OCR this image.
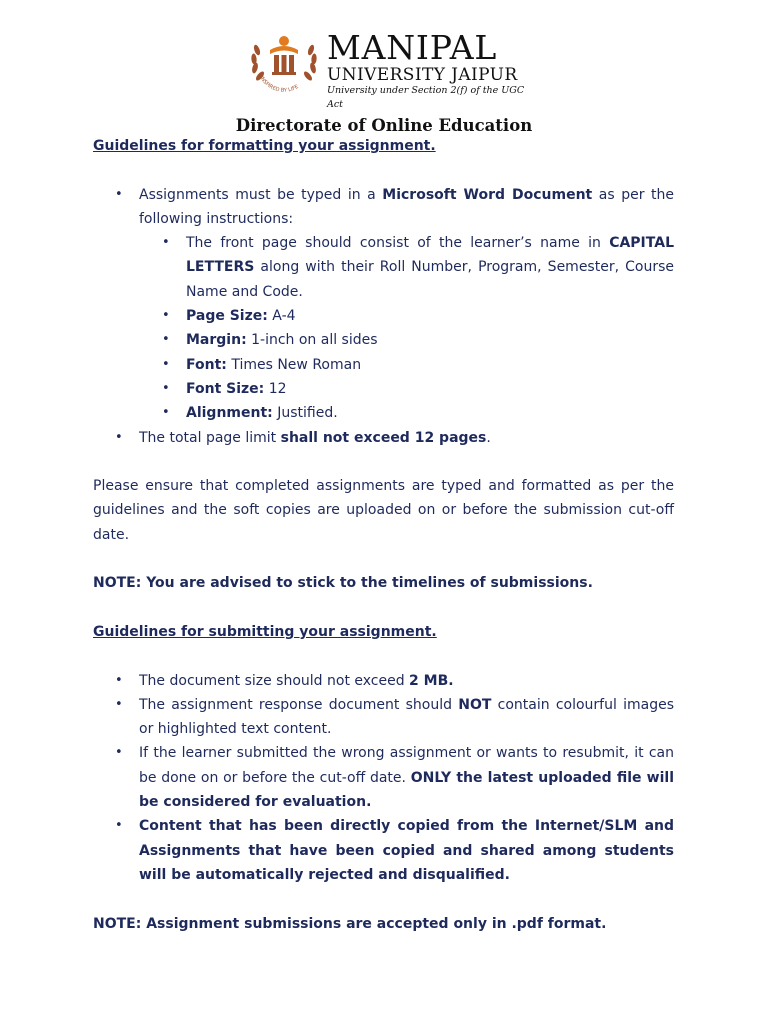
INSPIRED BY LIFE
MANIPAL
UNIVERSITY JAIPUR
University under Section 2(f) of the UGC Act
Directorate of Online Education

Guidelines for formatting your assignment.

• Assignments must be typed in a Microsoft Word Document as per the following instructions:
• The front page should consist of the learner’s name in CAPITAL LETTERS along with their Roll Number, Program, Semester, Course Name and Code.
• Page Size: A-4
• Margin: 1-inch on all sides
• Font: Times New Roman
• Font Size: 12
• Alignment: Justified.
• The total page limit shall not exceed 12 pages.

Please ensure that completed assignments are typed and formatted as per the guidelines and the soft copies are uploaded on or before the submission cut-off date.

NOTE: You are advised to stick to the timelines of submissions.

Guidelines for submitting your assignment.

• The document size should not exceed 2 MB.
• The assignment response document should NOT contain colourful images or highlighted text content.
• If the learner submitted the wrong assignment or wants to resubmit, it can be done on or before the cut-off date. ONLY the latest uploaded file will be considered for evaluation.
• Content that has been directly copied from the Internet/SLM and Assignments that have been copied and shared among students will be automatically rejected and disqualified.

NOTE: Assignment submissions are accepted only in .pdf format.
